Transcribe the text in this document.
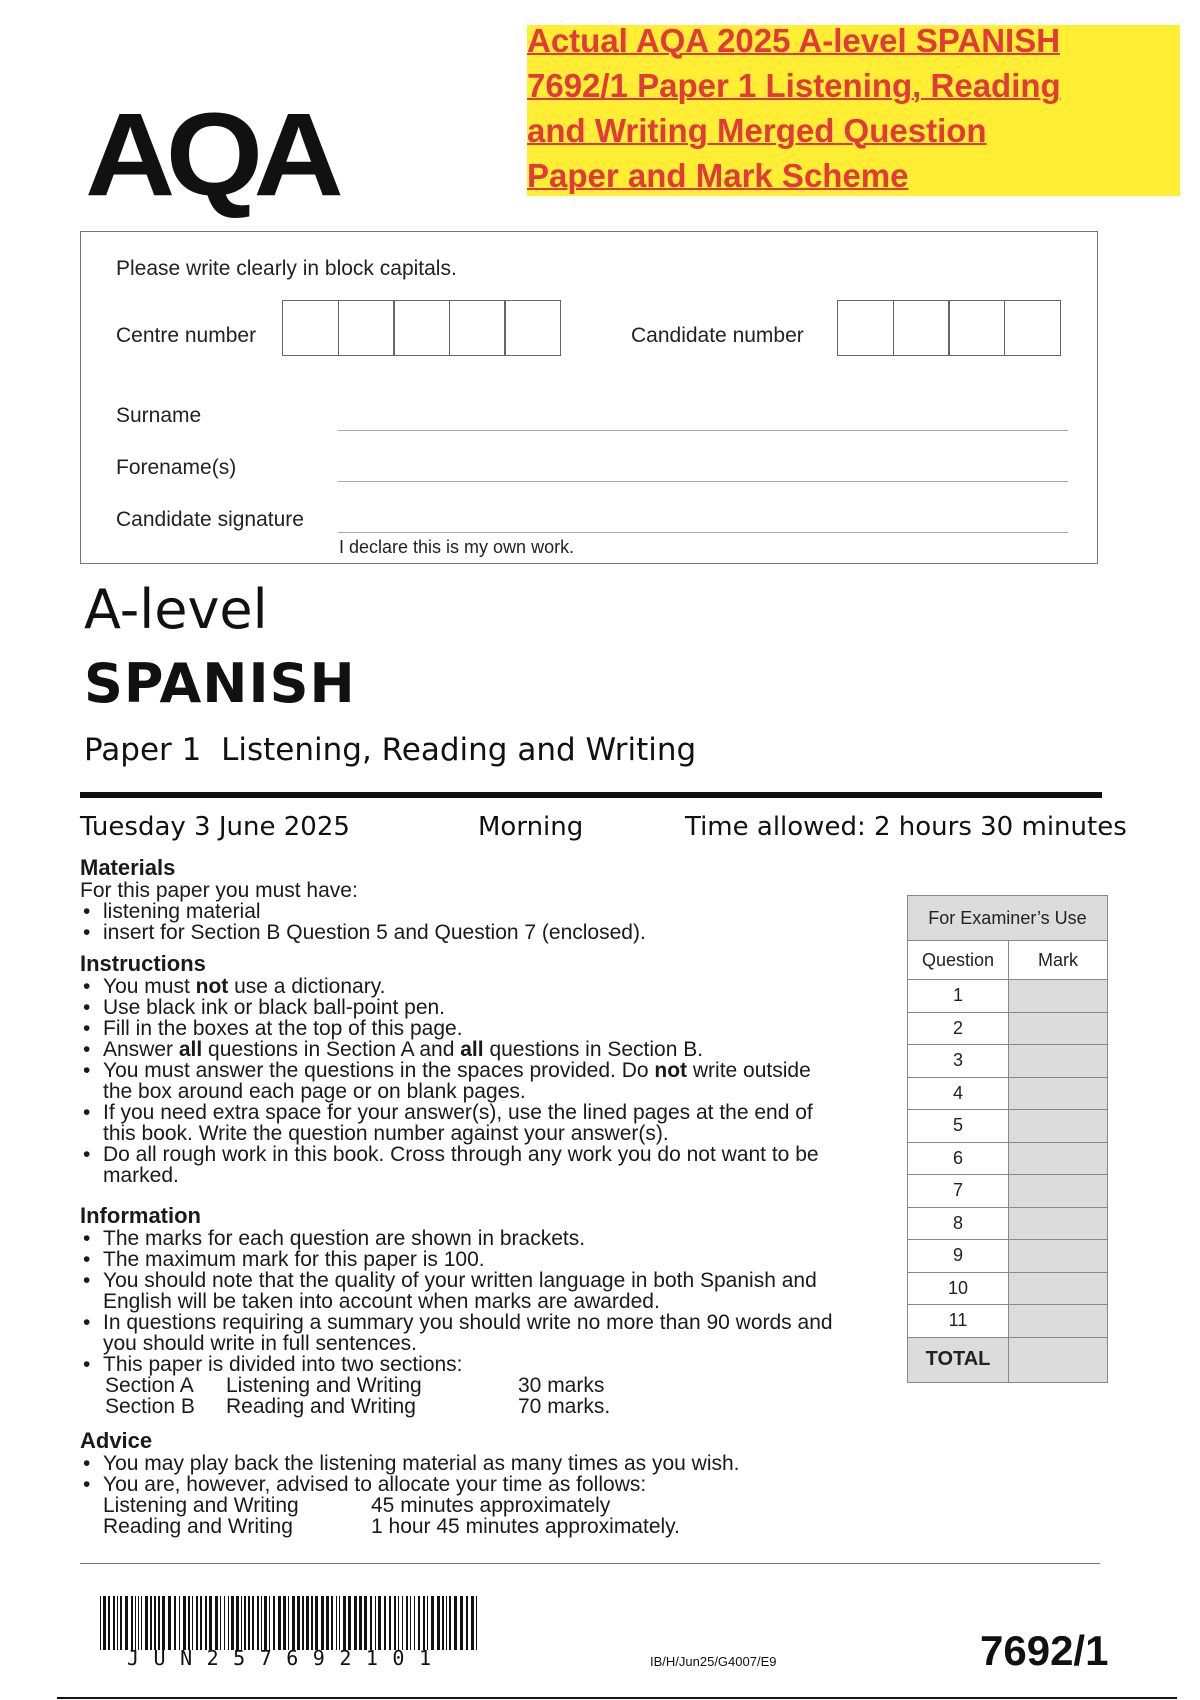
Actual AQA 2025 A-level SPANISH
7692/1 Paper 1 Listening, Reading
and Writing Merged Question
Paper and Mark Scheme
AQA
Please write clearly in block capitals.
Centre number	Candidate number
Surname
Forename(s)
Candidate signature
I declare this is my own work.
A-level
SPANISH
Paper 1 Listening, Reading and Writing
Tuesday 3 June 2025	Morning	Time allowed: 2 hours 30 minutes
Materials
For this paper you must have:
• listening material
• insert for Section B Question 5 and Question 7 (enclosed).
Instructions
• You must not use a dictionary.
• Use black ink or black ball-point pen.
• Fill in the boxes at the top of this page.
• Answer all questions in Section A and all questions in Section B.
• You must answer the questions in the spaces provided. Do not write outside
the box around each page or on blank pages.
• If you need extra space for your answer(s), use the lined pages at the end of
this book. Write the question number against your answer(s).
• Do all rough work in this book. Cross through any work you do not want to be
marked.
Information
• The marks for each question are shown in brackets.
• The maximum mark for this paper is 100.
• You should note that the quality of your written language in both Spanish and
English will be taken into account when marks are awarded.
• In questions requiring a summary you should write no more than 90 words and
you should write in full sentences.
• This paper is divided into two sections:
Section A	Listening and Writing	30 marks
Section B	Reading and Writing	70 marks.
Advice
• You may play back the listening material as many times as you wish.
• You are, however, advised to allocate your time as follows:
Listening and Writing	45 minutes approximately
Reading and Writing	1 hour 45 minutes approximately.
For Examiner’s Use	
Question	Mark
1	
2	
3	
4	
5	
6	
7	
8	
9	
10	
11	
TOTAL	
JUN257692101	IB/H/Jun25/G4007/E9	7692/1
